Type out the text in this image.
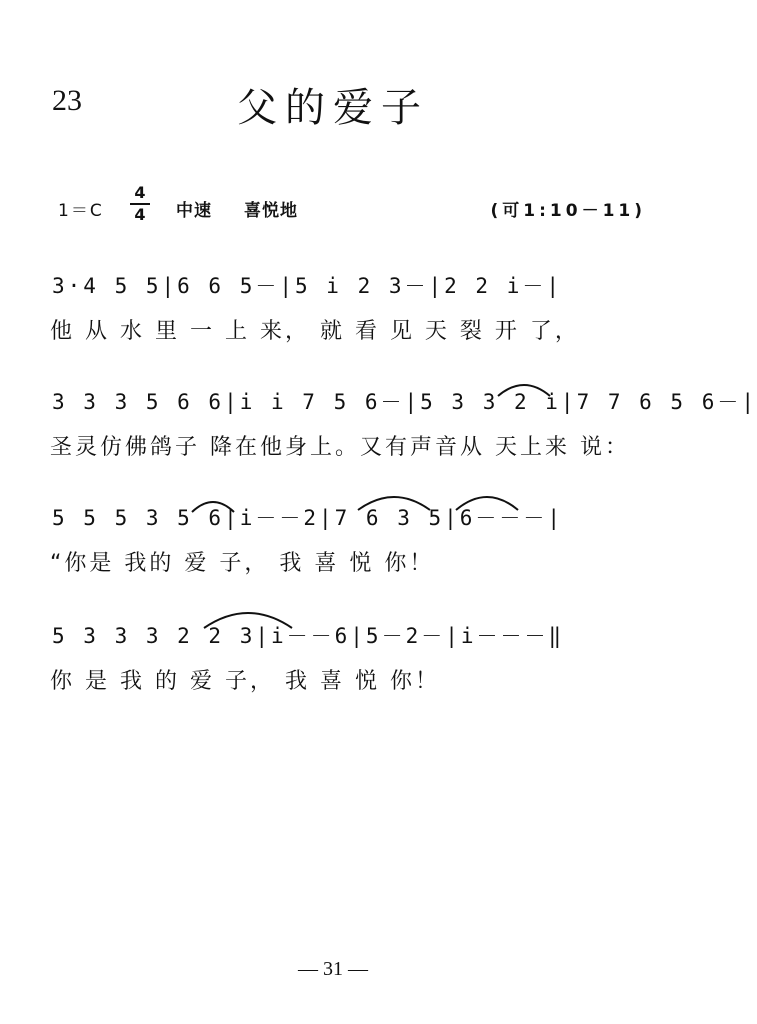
23	父的爱子
1＝C
4
4 中速 喜悦地	(可1:10－11)
3·4 5 5|6 6 5－|5 i 2 3－|2 2 i－|
他 从 水 里 一 上 来， 就 看 见 天 裂 开 了，
3 3 3 5 6 6|i i 7 5 6－|5 3 3 2 i|7 7 6 5 6－|
圣灵仿佛鸽子 降在他身上。又有声音从 天上来 说：
5 5 5 3 5 6|i－－2|7 6 3 5|6－－－|
“你是 我的 爱 子， 我 喜 悦 你！
5 3 3 3 2 2 3|i－－6|5－2－|i－－－‖
你 是 我 的 爱 子， 我 喜 悦 你！
— 31 —
